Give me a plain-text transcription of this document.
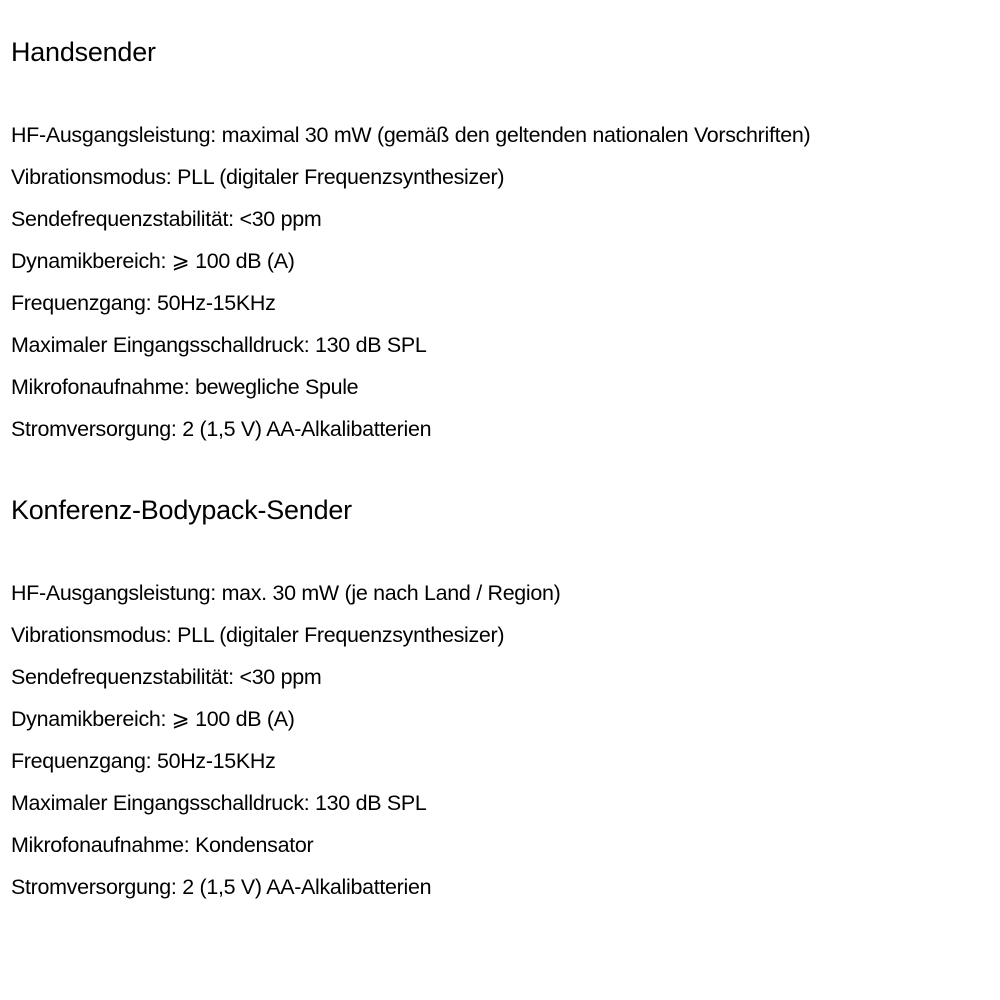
Handsender
HF-Ausgangsleistung: maximal 30 mW (gemäß den geltenden nationalen Vorschriften)
Vibrationsmodus: PLL (digitaler Frequenzsynthesizer)
Sendefrequenzstabilität: <30 ppm
Dynamikbereich: ⩾ 100 dB (A)
Frequenzgang: 50Hz-15KHz
Maximaler Eingangsschalldruck: 130 dB SPL
Mikrofonaufnahme: bewegliche Spule
Stromversorgung: 2 (1,5 V) AA-Alkalibatterien
Konferenz-Bodypack-Sender
HF-Ausgangsleistung: max. 30 mW (je nach Land / Region)
Vibrationsmodus: PLL (digitaler Frequenzsynthesizer)
Sendefrequenzstabilität: <30 ppm
Dynamikbereich: ⩾ 100 dB (A)
Frequenzgang: 50Hz-15KHz
Maximaler Eingangsschalldruck: 130 dB SPL
Mikrofonaufnahme: Kondensator
Stromversorgung: 2 (1,5 V) AA-Alkalibatterien
